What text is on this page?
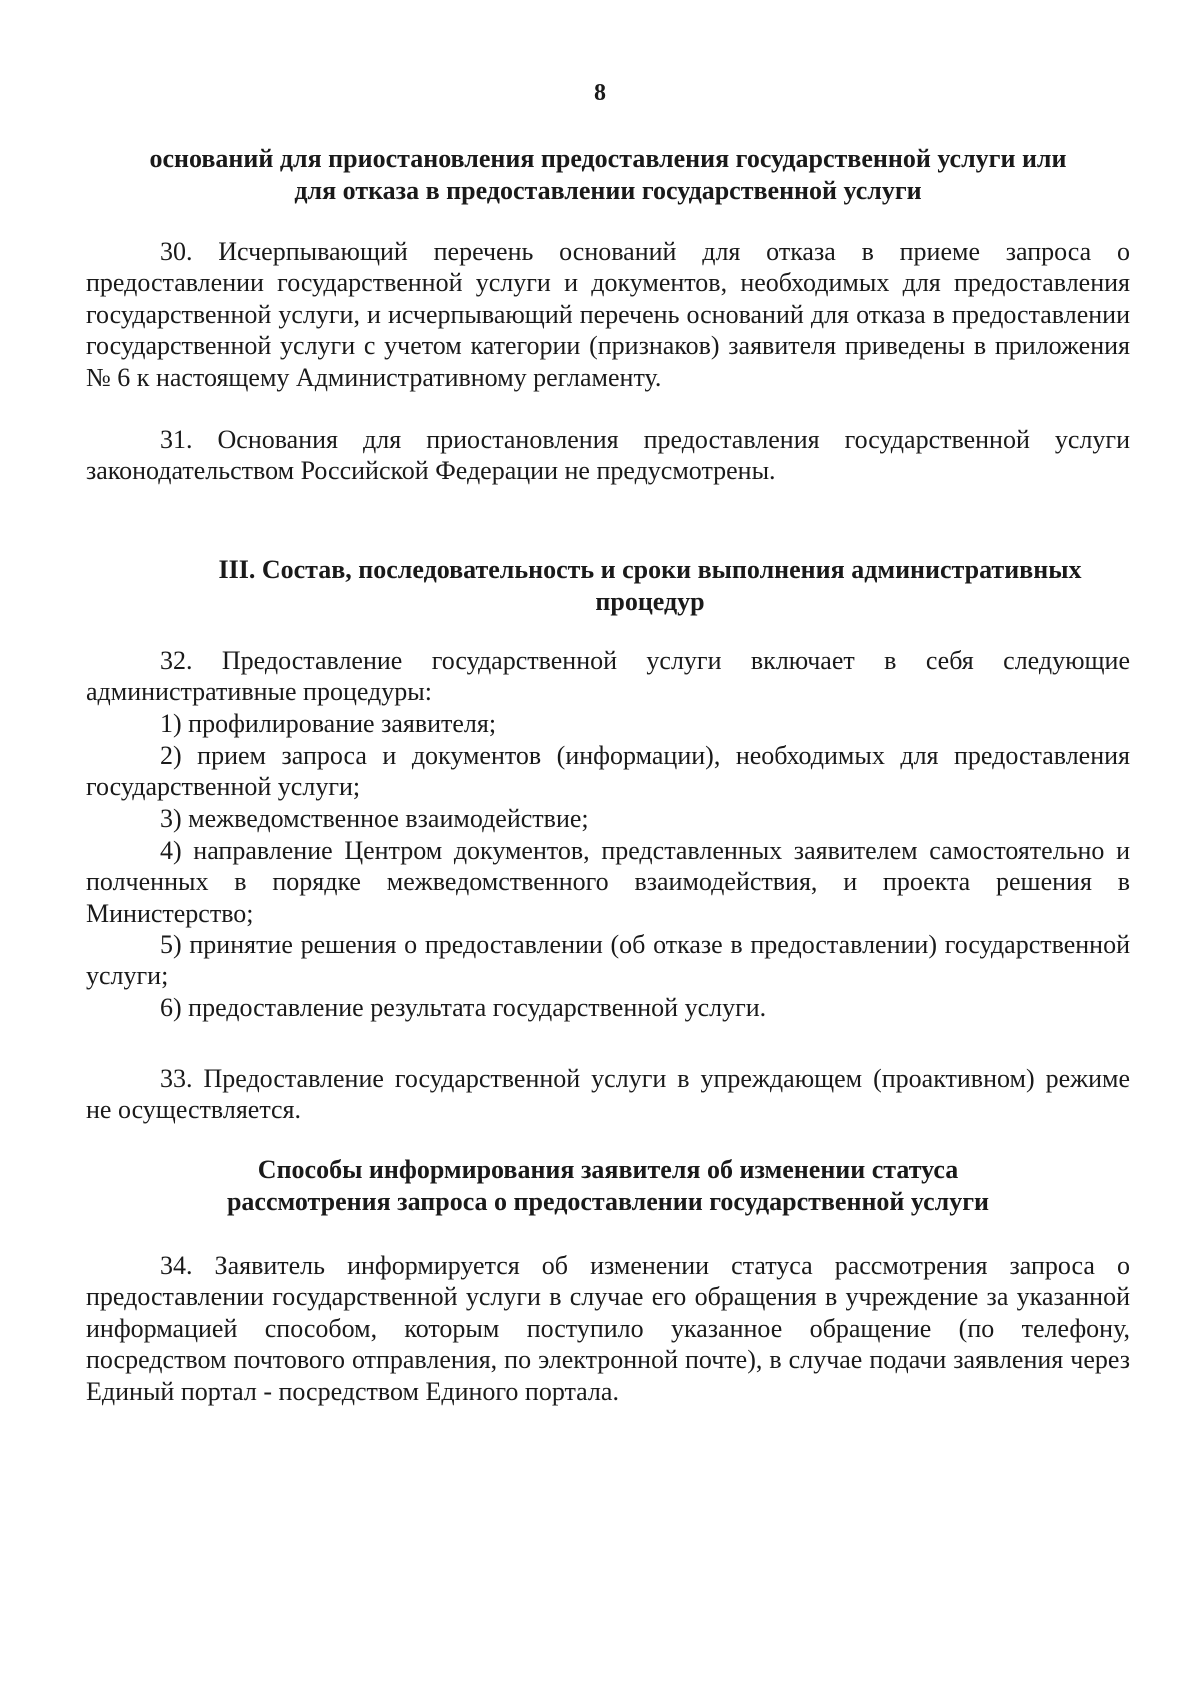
8
оснований для приостановления предоставления государственной услуги или
для отказа в предоставлении государственной услуги

30. Исчерпывающий перечень оснований для отказа в приеме запроса о предоставлении государственной услуги и документов, необходимых для предоставления государственной услуги, и исчерпывающий перечень оснований для отказа в предоставлении государственной услуги с учетом категории (признаков) заявителя приведены в приложения № 6 к настоящему Административному регламенту.

31. Основания для приостановления предоставления государственной услуги законодательством Российской Федерации не предусмотрены.

III. Состав, последовательность и сроки выполнения административных
процедур

32. Предоставление государственной услуги включает в себя следующие административные процедуры:

1) профилирование заявителя;

2) прием запроса и документов (информации), необходимых для предоставления государственной услуги;

3) межведомственное взаимодействие;

4) направление Центром документов, представленных заявителем самостоятельно и полченных в порядке межведомственного взаимодействия, и проекта решения в Министерство;

5) принятие решения о предоставлении (об отказе в предоставлении) государственной услуги;

6) предоставление результата государственной услуги.

33. Предоставление государственной услуги в упреждающем (проактивном) режиме не осуществляется.

Способы информирования заявителя об изменении статуса
рассмотрения запроса о предоставлении государственной услуги

34. Заявитель информируется об изменении статуса рассмотрения запроса о предоставлении государственной услуги в случае его обращения в учреждение за указанной информацией способом, которым поступило указанное обращение (по телефону, посредством почтового отправления, по электронной почте), в случае подачи заявления через Единый портал - посредством Единого портала.
